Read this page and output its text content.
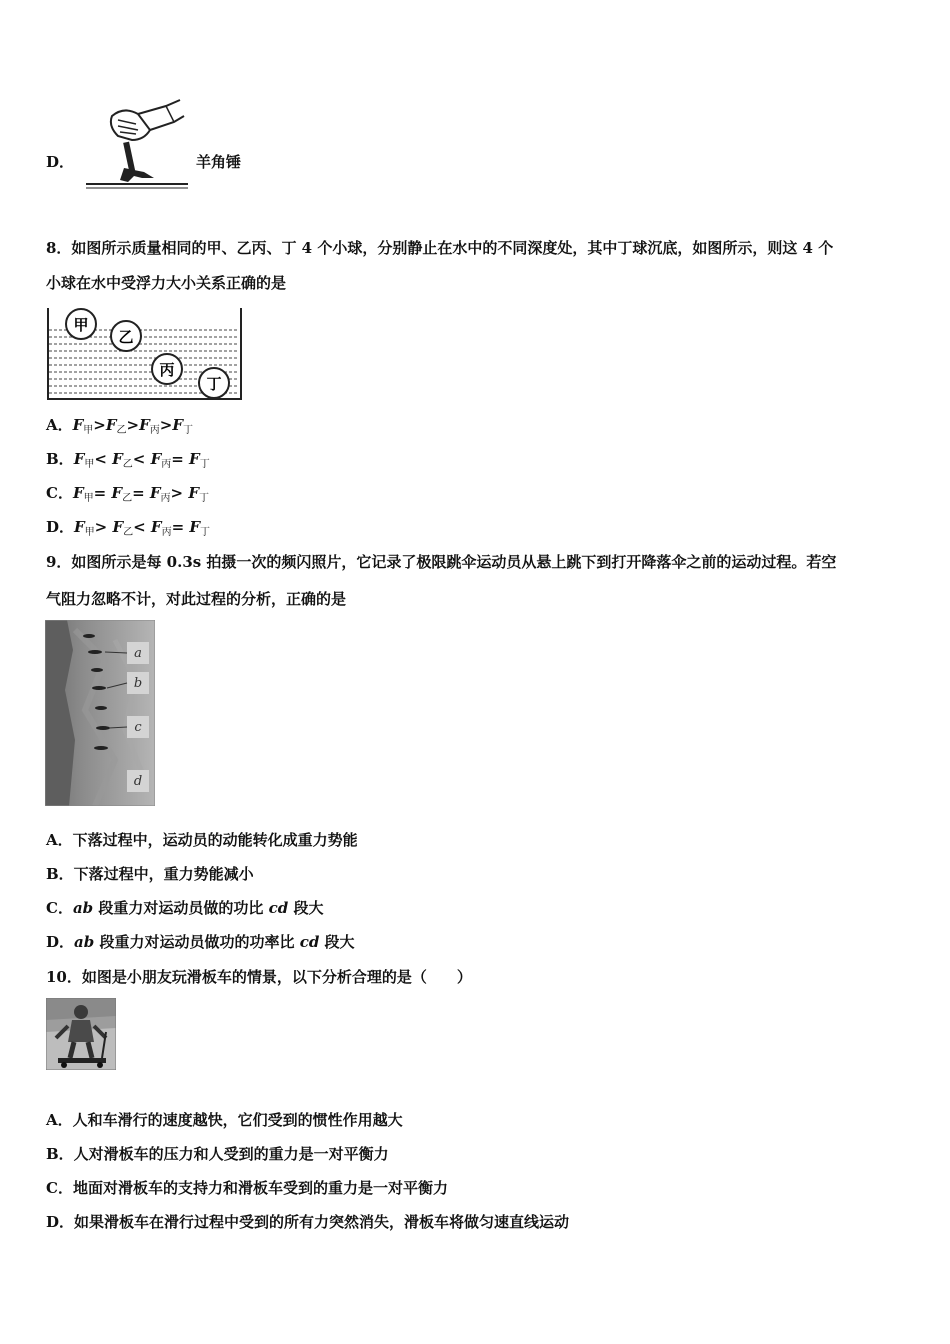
D．	羊角锤
8．如图所示质量相同的甲、乙丙、丁 4 个小球，分别静止在水中的不同深度处，其中丁球沉底，如图所示，则这 4 个
小球在水中受浮力大小关系正确的是
甲
乙
丙
丁
A．$F_甲>F_乙>F_丙>F_丁$
B．$F_甲< F_乙< F_丙= F_丁$
C．$F_甲= F_乙= F_丙> F_丁$
D．$F_甲> F_乙< F_丙= F_丁$
9．如图所示是每 0.3s 拍摄一次的频闪照片，它记录了极限跳伞运动员从悬上跳下到打开降落伞之前的运动过程。若空
气阻力忽略不计，对此过程的分析，正确的是
a
b
c
d
A．下落过程中，运动员的动能转化成重力势能
B．下落过程中，重力势能减小
C．ab 段重力对运动员做的功比 cd 段大
D．ab 段重力对运动员做功的功率比 cd 段大
10．如图是小朋友玩滑板车的情景，以下分析合理的是（　　）
A．人和车滑行的速度越快，它们受到的惯性作用越大
B．人对滑板车的压力和人受到的重力是一对平衡力
C．地面对滑板车的支持力和滑板车受到的重力是一对平衡力
D．如果滑板车在滑行过程中受到的所有力突然消失，滑板车将做匀速直线运动
